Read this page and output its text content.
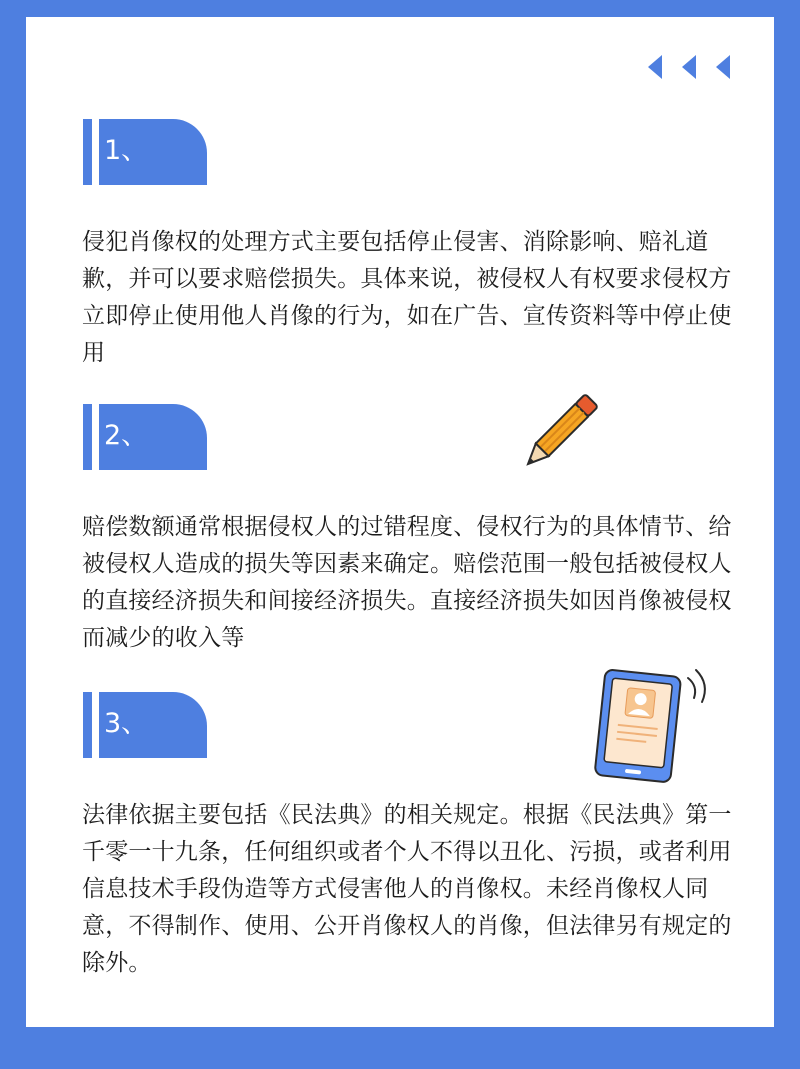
1、
侵犯肖像权的处理方式主要包括停止侵害、消除影响、赔礼道歉，并可以要求赔偿损失。具体来说，被侵权人有权要求侵权方立即停止使用他人肖像的行为，如在广告、宣传资料等中停止使用
2、
赔偿数额通常根据侵权人的过错程度、侵权行为的具体情节、给被侵权人造成的损失等因素来确定。赔偿范围一般包括被侵权人的直接经济损失和间接经济损失。直接经济损失如因肖像被侵权而减少的收入等
3、
法律依据主要包括《民法典》的相关规定。根据《民法典》第一千零一十九条，任何组织或者个人不得以丑化、污损，或者利用信息技术手段伪造等方式侵害他人的肖像权。未经肖像权人同意，不得制作、使用、公开肖像权人的肖像，但法律另有规定的除外。
